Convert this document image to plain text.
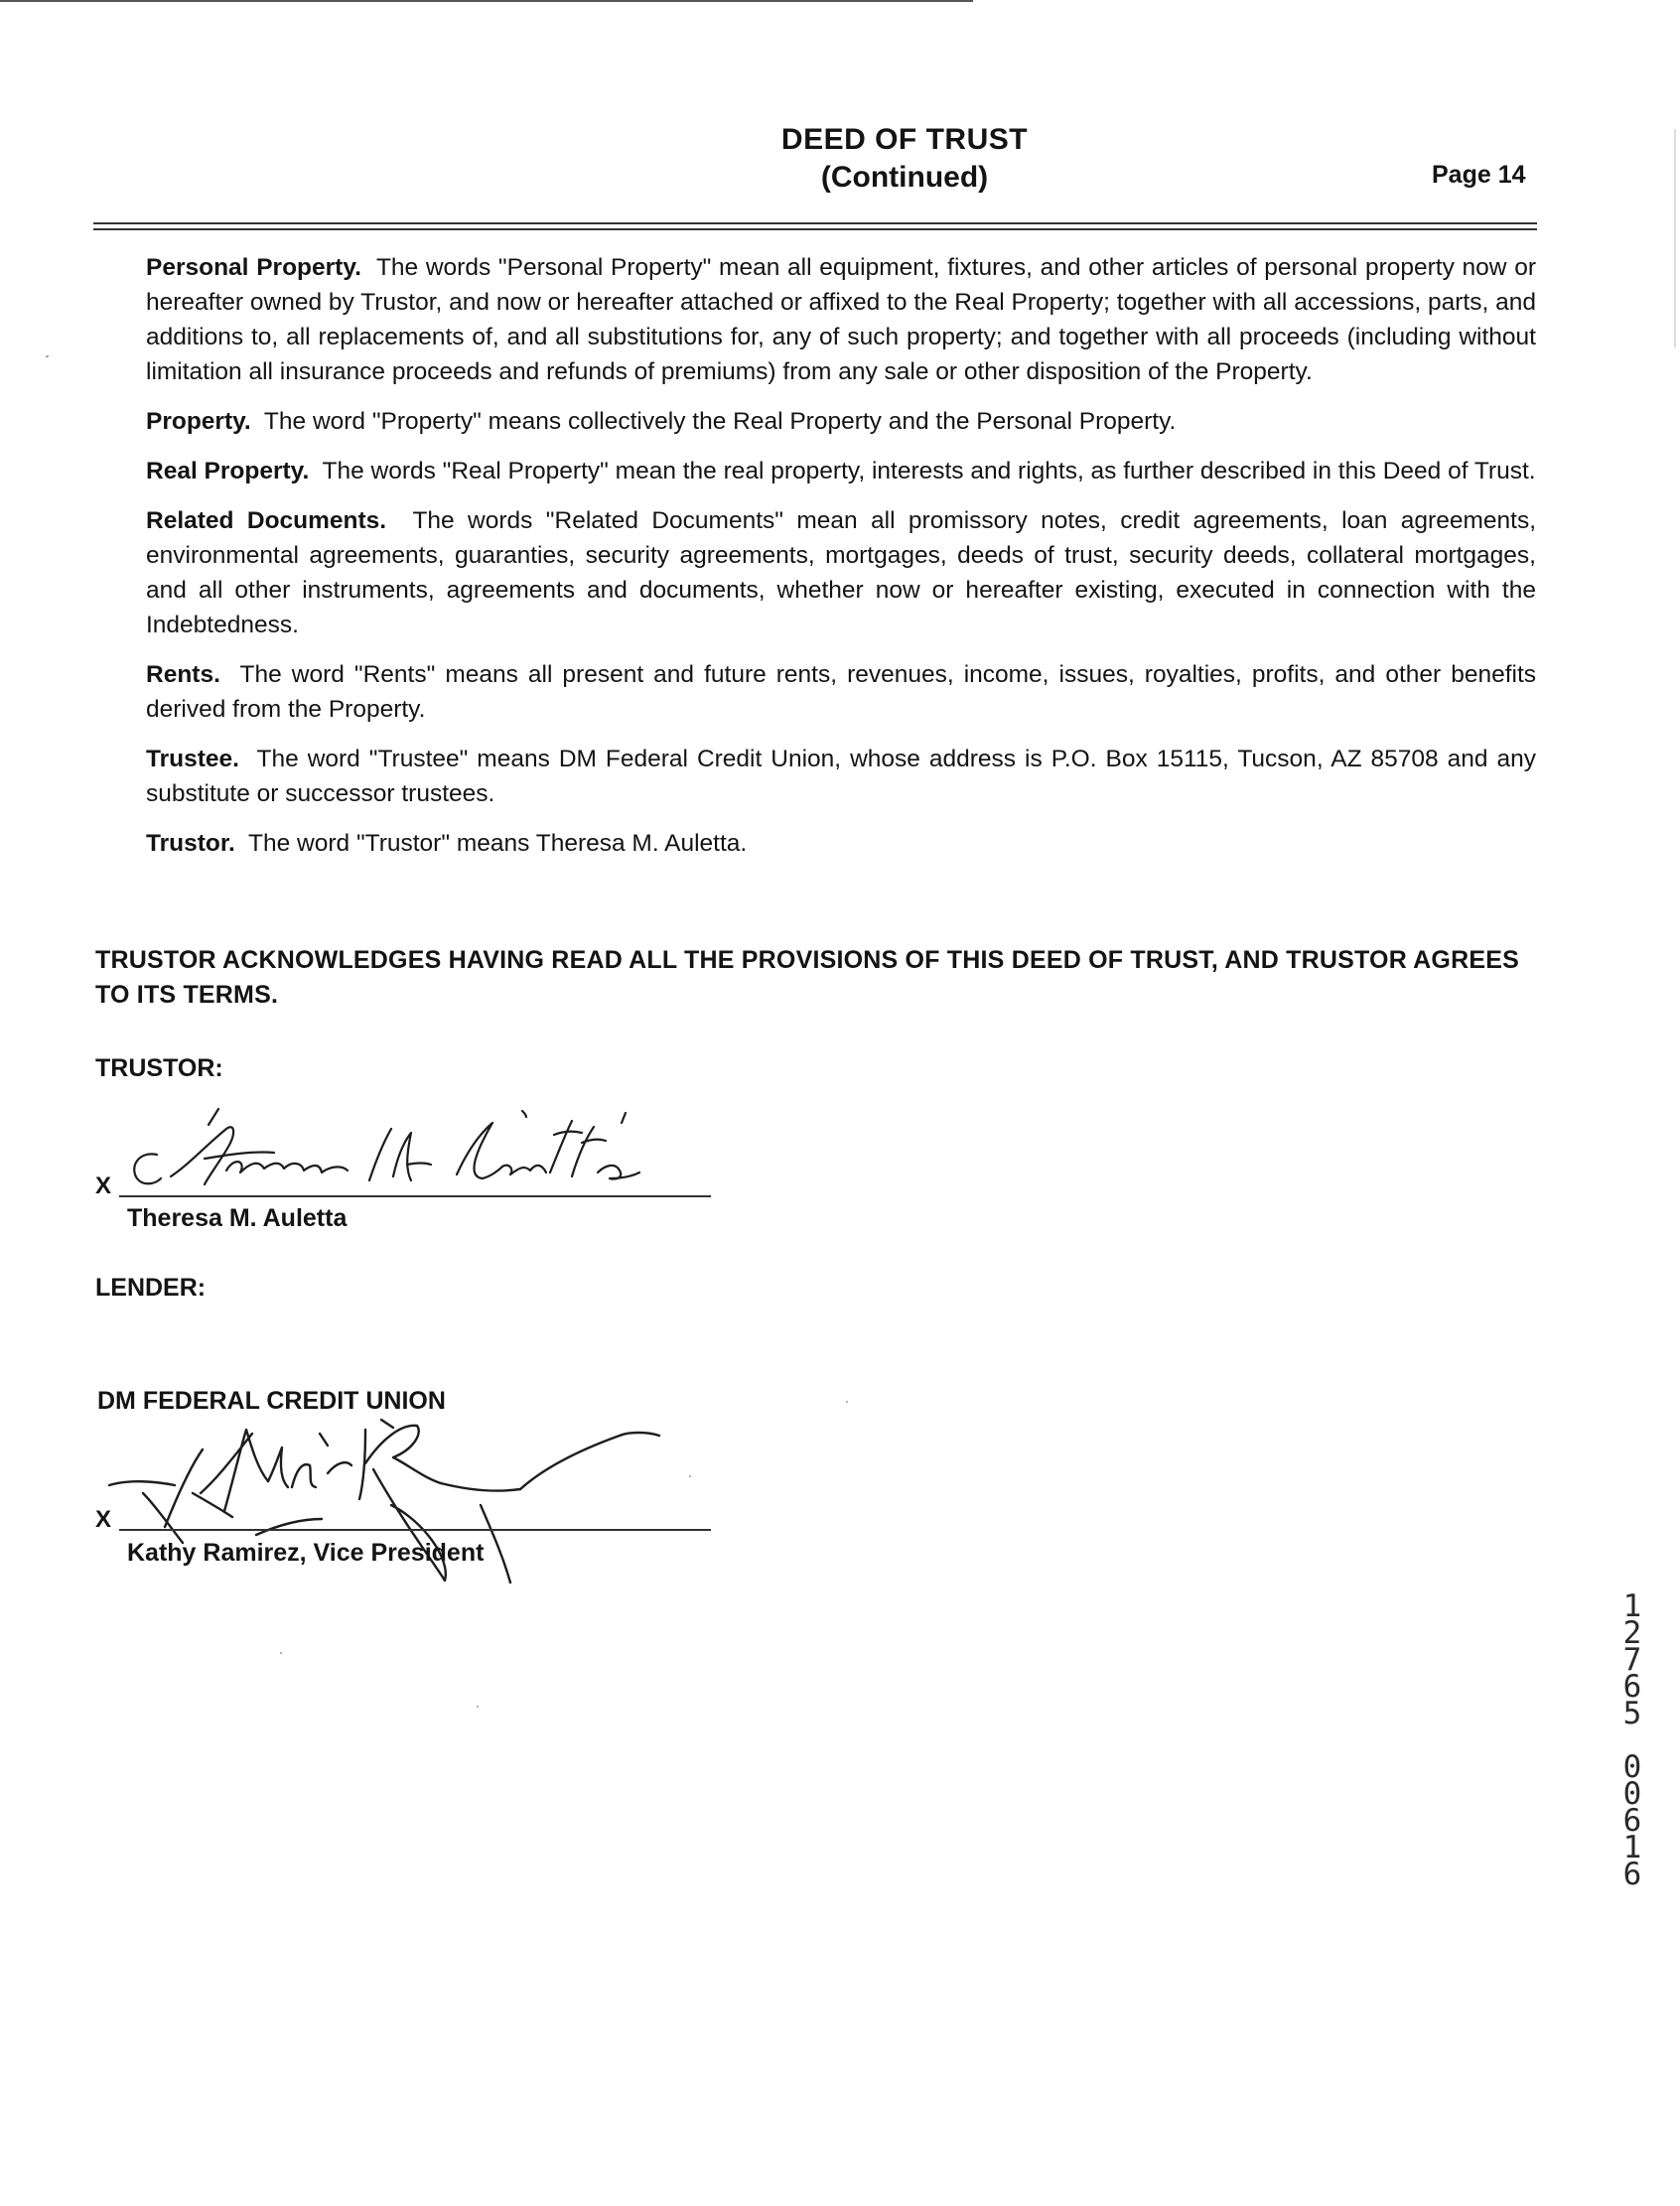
DEED OF TRUST
(Continued)	Page 14

Personal Property. The words "Personal Property" mean all equipment, fixtures, and other articles of personal property now or hereafter owned by Trustor, and now or hereafter attached or affixed to the Real Property; together with all accessions, parts, and additions to, all replacements of, and all substitutions for, any of such property; and together with all proceeds (including without limitation all insurance proceeds and refunds of premiums) from any sale or other disposition of the Property.

Property. The word "Property" means collectively the Real Property and the Personal Property.

Real Property. The words "Real Property" mean the real property, interests and rights, as further described in this Deed of Trust.

Related Documents. The words "Related Documents" mean all promissory notes, credit agreements, loan agreements, environmental agreements, guaranties, security agreements, mortgages, deeds of trust, security deeds, collateral mortgages, and all other instruments, agreements and documents, whether now or hereafter existing, executed in connection with the Indebtedness.

Rents. The word "Rents" means all present and future rents, revenues, income, issues, royalties, profits, and other benefits derived from the Property.

Trustee. The word "Trustee" means DM Federal Credit Union, whose address is P.O. Box 15115, Tucson, AZ 85708 and any substitute or successor trustees.

Trustor. The word "Trustor" means Theresa M. Auletta.

TRUSTOR ACKNOWLEDGES HAVING READ ALL THE PROVISIONS OF THIS DEED OF TRUST, AND TRUSTOR AGREES TO ITS TERMS.
TRUSTOR:
X
Theresa M. Auletta
LENDER:
DM FEDERAL CREDIT UNION
X
Kathy Ramirez, Vice President
1
2
7
6
5

0
0
6
1
6
